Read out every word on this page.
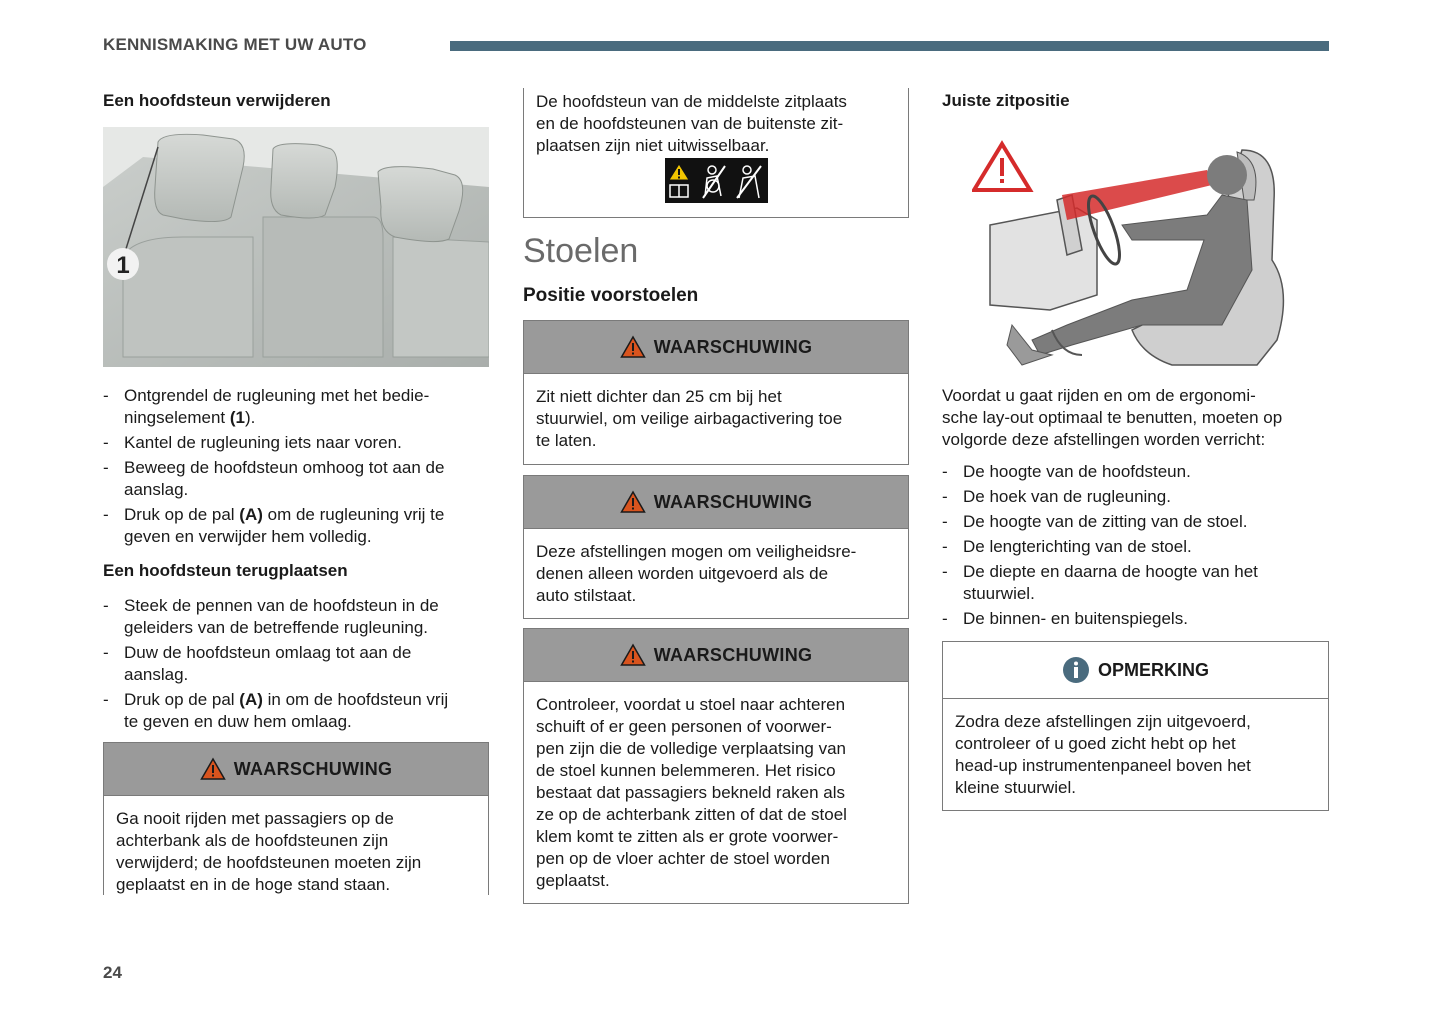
KENNISMAKING MET UW AUTO
Een hoofdsteun verwijderen
1
- Ontgrendel de rugleuning met het bedie-
ningselement (1).
- Kantel de rugleuning iets naar voren.
- Beweeg de hoofdsteun omhoog tot aan de
aanslag.
- Druk op de pal (A) om de rugleuning vrij te
geven en verwijder hem volledig.
Een hoofdsteun terugplaatsen
- Steek de pennen van de hoofdsteun in de
geleiders van de betreffende rugleuning.
- Duw de hoofdsteun omlaag tot aan de
aanslag.
- Druk op de pal (A) in om de hoofdsteun vrij
te geven en duw hem omlaag.
WAARSCHUWING
Ga nooit rijden met passagiers op de
achterbank als de hoofdsteunen zijn
verwijderd; de hoofdsteunen moeten zijn
geplaatst en in de hoge stand staan.
De hoofdsteun van de middelste zitplaats
en de hoofdsteunen van de buitenste zit-
plaatsen zijn niet uitwisselbaar.
Stoelen
Positie voorstoelen
WAARSCHUWING
Zit niett dichter dan 25 cm bij het
stuurwiel, om veilige airbagactivering toe
te laten.
WAARSCHUWING
Deze afstellingen mogen om veiligheidsre-
denen alleen worden uitgevoerd als de
auto stilstaat.
WAARSCHUWING
Controleer, voordat u stoel naar achteren
schuift of er geen personen of voorwer-
pen zijn die de volledige verplaatsing van
de stoel kunnen belemmeren. Het risico
bestaat dat passagiers bekneld raken als
ze op de achterbank zitten of dat de stoel
klem komt te zitten als er grote voorwer-
pen op de vloer achter de stoel worden
geplaatst.
Juiste zitpositie
Voordat u gaat rijden en om de ergonomi-
sche lay-out optimaal te benutten, moeten op
volgorde deze afstellingen worden verricht:
- De hoogte van de hoofdsteun.
- De hoek van de rugleuning.
- De hoogte van de zitting van de stoel.
- De lengterichting van de stoel.
- De diepte en daarna de hoogte van het
stuurwiel.
- De binnen- en buitenspiegels.
OPMERKING
Zodra deze afstellingen zijn uitgevoerd,
controleer of u goed zicht hebt op het
head-up instrumentenpaneel boven het
kleine stuurwiel.
24
